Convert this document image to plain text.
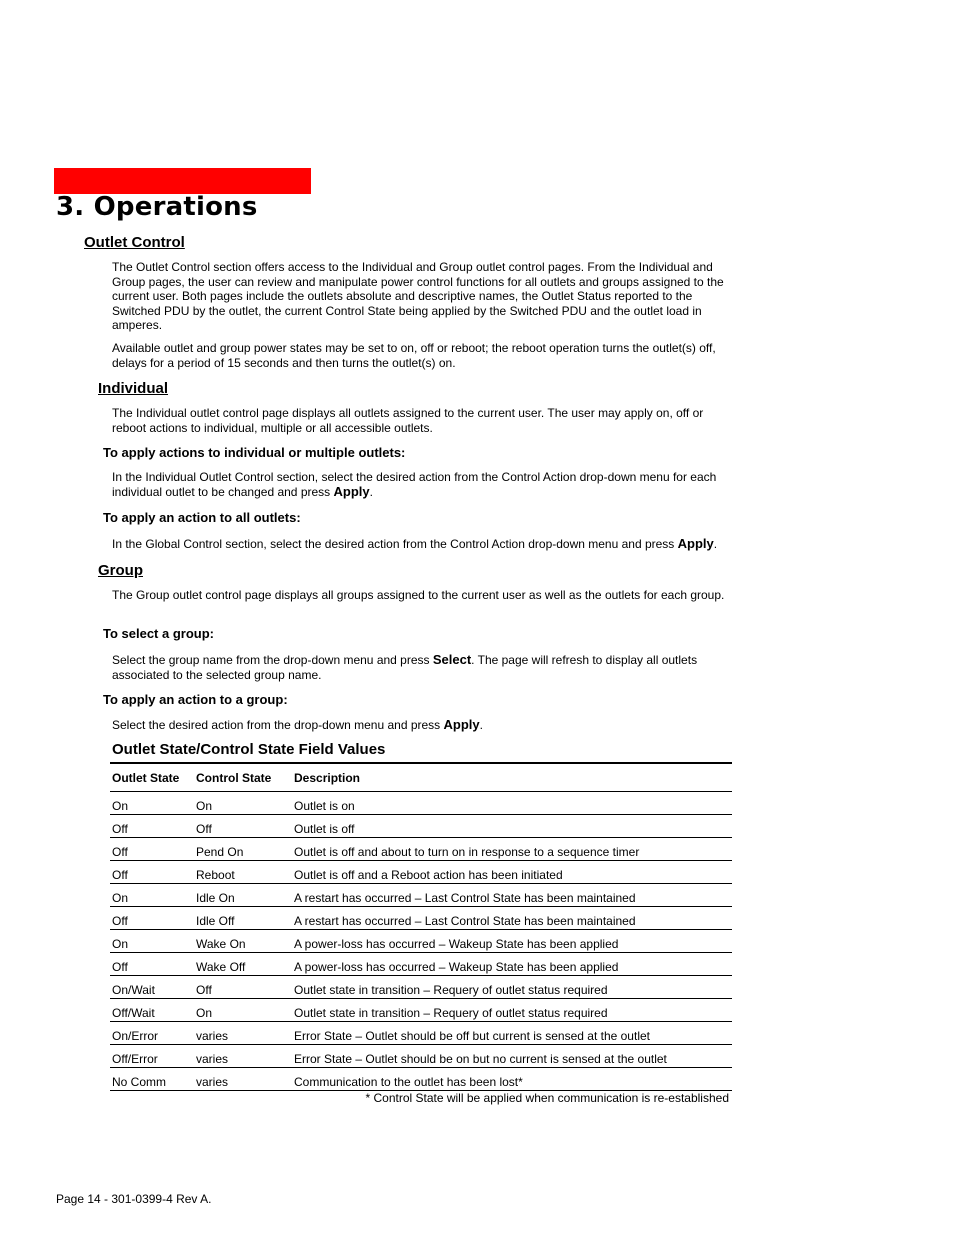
3. Operations
Outlet Control
The Outlet Control section offers access to the Individual and Group outlet control pages. From the Individual and Group pages, the user can review and manipulate power control functions for all outlets and groups assigned to the current user. Both pages include the outlets absolute and descriptive names, the Outlet Status reported to the Switched PDU by the outlet, the current Control State being applied by the Switched PDU and the outlet load in amperes.
Available outlet and group power states may be set to on, off or reboot; the reboot operation turns the outlet(s) off, delays for a period of 15 seconds and then turns the outlet(s) on.
Individual
The Individual outlet control page displays all outlets assigned to the current user. The user may apply on, off or reboot actions to individual, multiple or all accessible outlets.
To apply actions to individual or multiple outlets:
In the Individual Outlet Control section, select the desired action from the Control Action drop-down menu for each individual outlet to be changed and press Apply.
To apply an action to all outlets:
In the Global Control section, select the desired action from the Control Action drop-down menu and press Apply.
Group
The Group outlet control page displays all groups assigned to the current user as well as the outlets for each group.
To select a group:
Select the group name from the drop-down menu and press Select. The page will refresh to display all outlets associated to the selected group name.
To apply an action to a group:
Select the desired action from the drop-down menu and press Apply.
Outlet State/Control State Field Values
Outlet State	Control State	Description
On	On	Outlet is on
Off	Off	Outlet is off
Off	Pend On	Outlet is off and about to turn on in response to a sequence timer
Off	Reboot	Outlet is off and a Reboot action has been initiated
On	Idle On	A restart has occurred – Last Control State has been maintained
Off	Idle Off	A restart has occurred – Last Control State has been maintained
On	Wake On	A power-loss has occurred – Wakeup State has been applied
Off	Wake Off	A power-loss has occurred – Wakeup State has been applied
On/Wait	Off	Outlet state in transition – Requery of outlet status required
Off/Wait	On	Outlet state in transition – Requery of outlet status required
On/Error	varies	Error State – Outlet should be off but current is sensed at the outlet
Off/Error	varies	Error State – Outlet should be on but no current is sensed at the outlet
No Comm	varies	Communication to the outlet has been lost*
* Control State will be applied when communication is re-established
Page 14 - 301-0399-4 Rev A.
